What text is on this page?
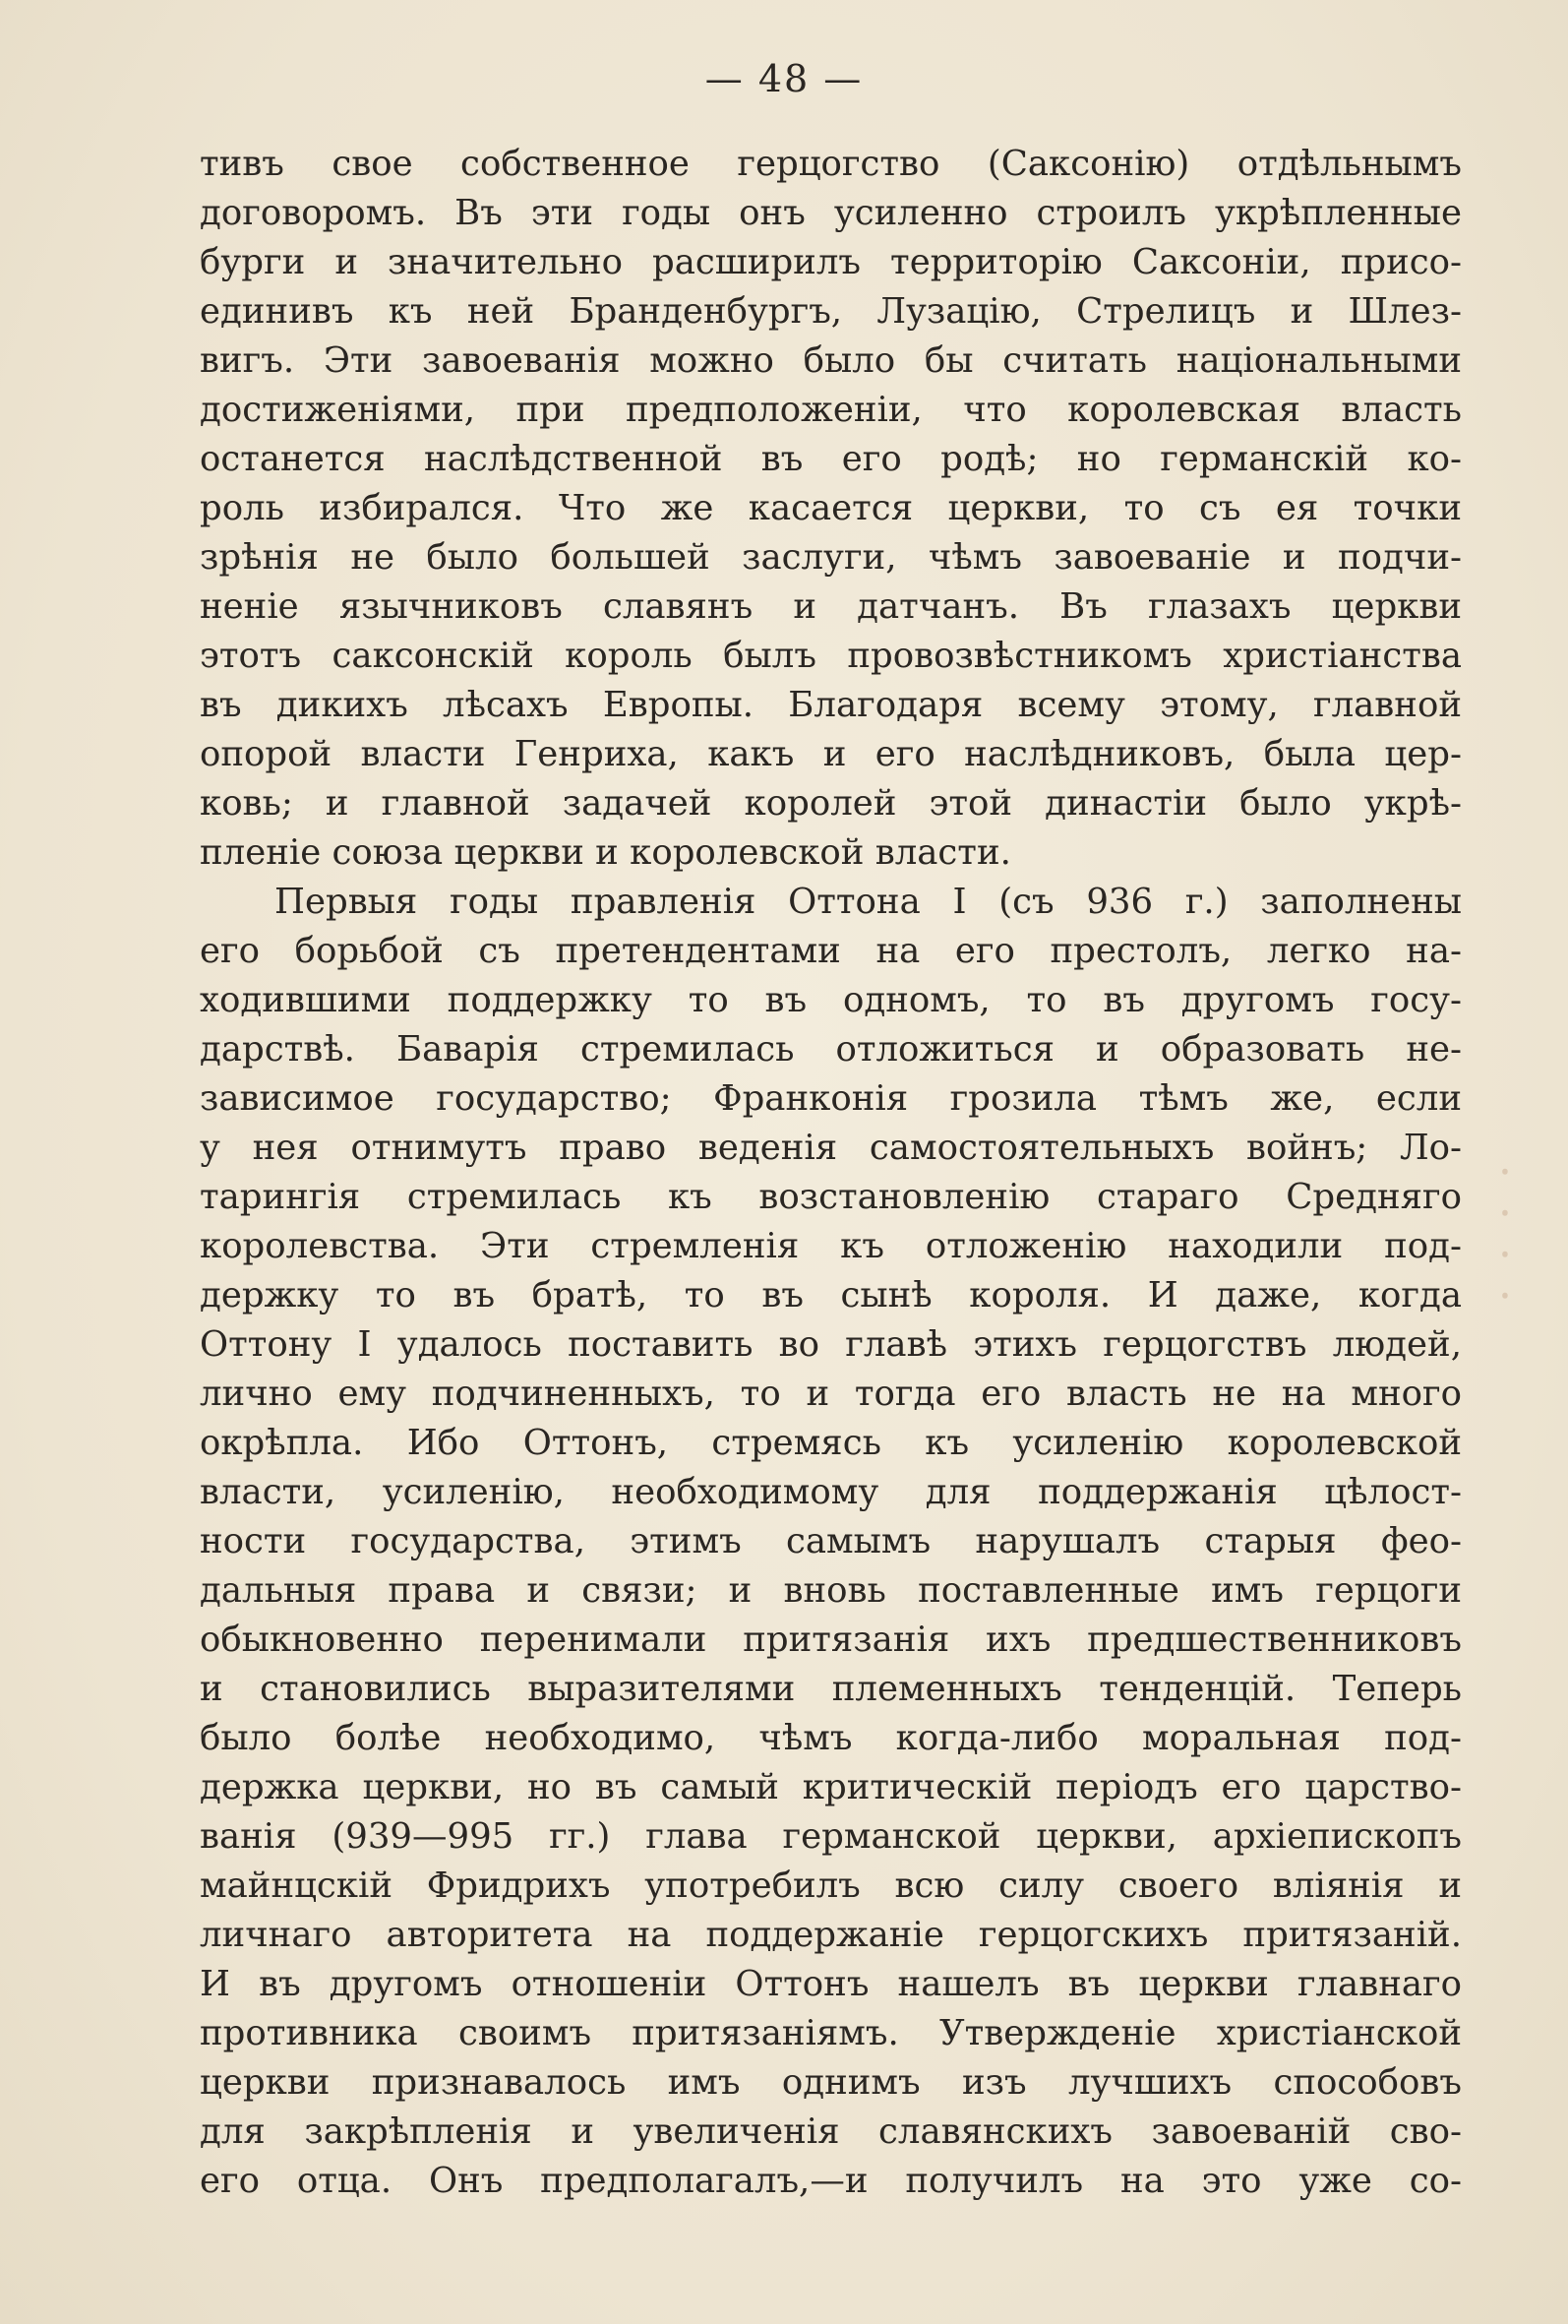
— 48 —
ꞏ
ꞏ
ꞏ
ꞏ
тивъ свое собственное герцогство (Саксонію) отдѣльнымъ
договоромъ. Въ эти годы онъ усиленно строилъ укрѣпленные
бурги и значительно расширилъ территорію Саксоніи, присо-
единивъ къ ней Бранденбургъ, Лузацію, Стрелицъ и Шлез-
вигъ. Эти завоеванія можно было бы считать національными
достиженіями, при предположеніи, что королевская власть
останется наслѣдственной въ его родѣ; но германскій ко-
роль избирался. Что же касается церкви, то съ ея точки
зрѣнія не было большей заслуги, чѣмъ завоеваніе и подчи-
неніе язычниковъ славянъ и датчанъ. Въ глазахъ церкви
этотъ саксонскій король былъ провозвѣстникомъ христіанства
въ дикихъ лѣсахъ Европы. Благодаря всему этому, главной
опорой власти Генриха, какъ и его наслѣдниковъ, была цер-
ковь; и главной задачей королей этой династіи было укрѣ-
пленіе союза церкви и королевской власти.
Первыя годы правленія Оттона I (съ 936 г.) заполнены
его борьбой съ претендентами на его престолъ, легко на-
ходившими поддержку то въ одномъ, то въ другомъ госу-
дарствѣ. Баварія стремилась отложиться и образовать не-
зависимое государство; Франконія грозила тѣмъ же, если
у нея отнимутъ право веденія самостоятельныхъ войнъ; Ло-
тарингія стремилась къ возстановленію стараго Средняго
королевства. Эти стремленія къ отложенію находили под-
держку то въ братѣ, то въ сынѣ короля. И даже, когда
Оттону I удалось поставить во главѣ этихъ герцогствъ людей,
лично ему подчиненныхъ, то и тогда его власть не на много
окрѣпла. Ибо Оттонъ, стремясь къ усиленію королевской
власти, усиленію, необходимому для поддержанія цѣлост-
ности государства, этимъ самымъ нарушалъ старыя фео-
дальныя права и связи; и вновь поставленные имъ герцоги
обыкновенно перенимали притязанія ихъ предшественниковъ
и становились выразителями племенныхъ тенденцій. Теперь
было болѣе необходимо, чѣмъ когда-либо моральная под-
держка церкви, но въ самый критическій періодъ его царство-
ванія (939—995 гг.) глава германской церкви, архіепископъ
майнцскій Фридрихъ употребилъ всю силу своего вліянія и
личнаго авторитета на поддержаніе герцогскихъ притязаній.
И въ другомъ отношеніи Оттонъ нашелъ въ церкви главнаго
противника своимъ притязаніямъ. Утвержденіе христіанской
церкви признавалось имъ однимъ изъ лучшихъ способовъ
для закрѣпленія и увеличенія славянскихъ завоеваній сво-
его отца. Онъ предполагалъ,—и получилъ на это уже со-
